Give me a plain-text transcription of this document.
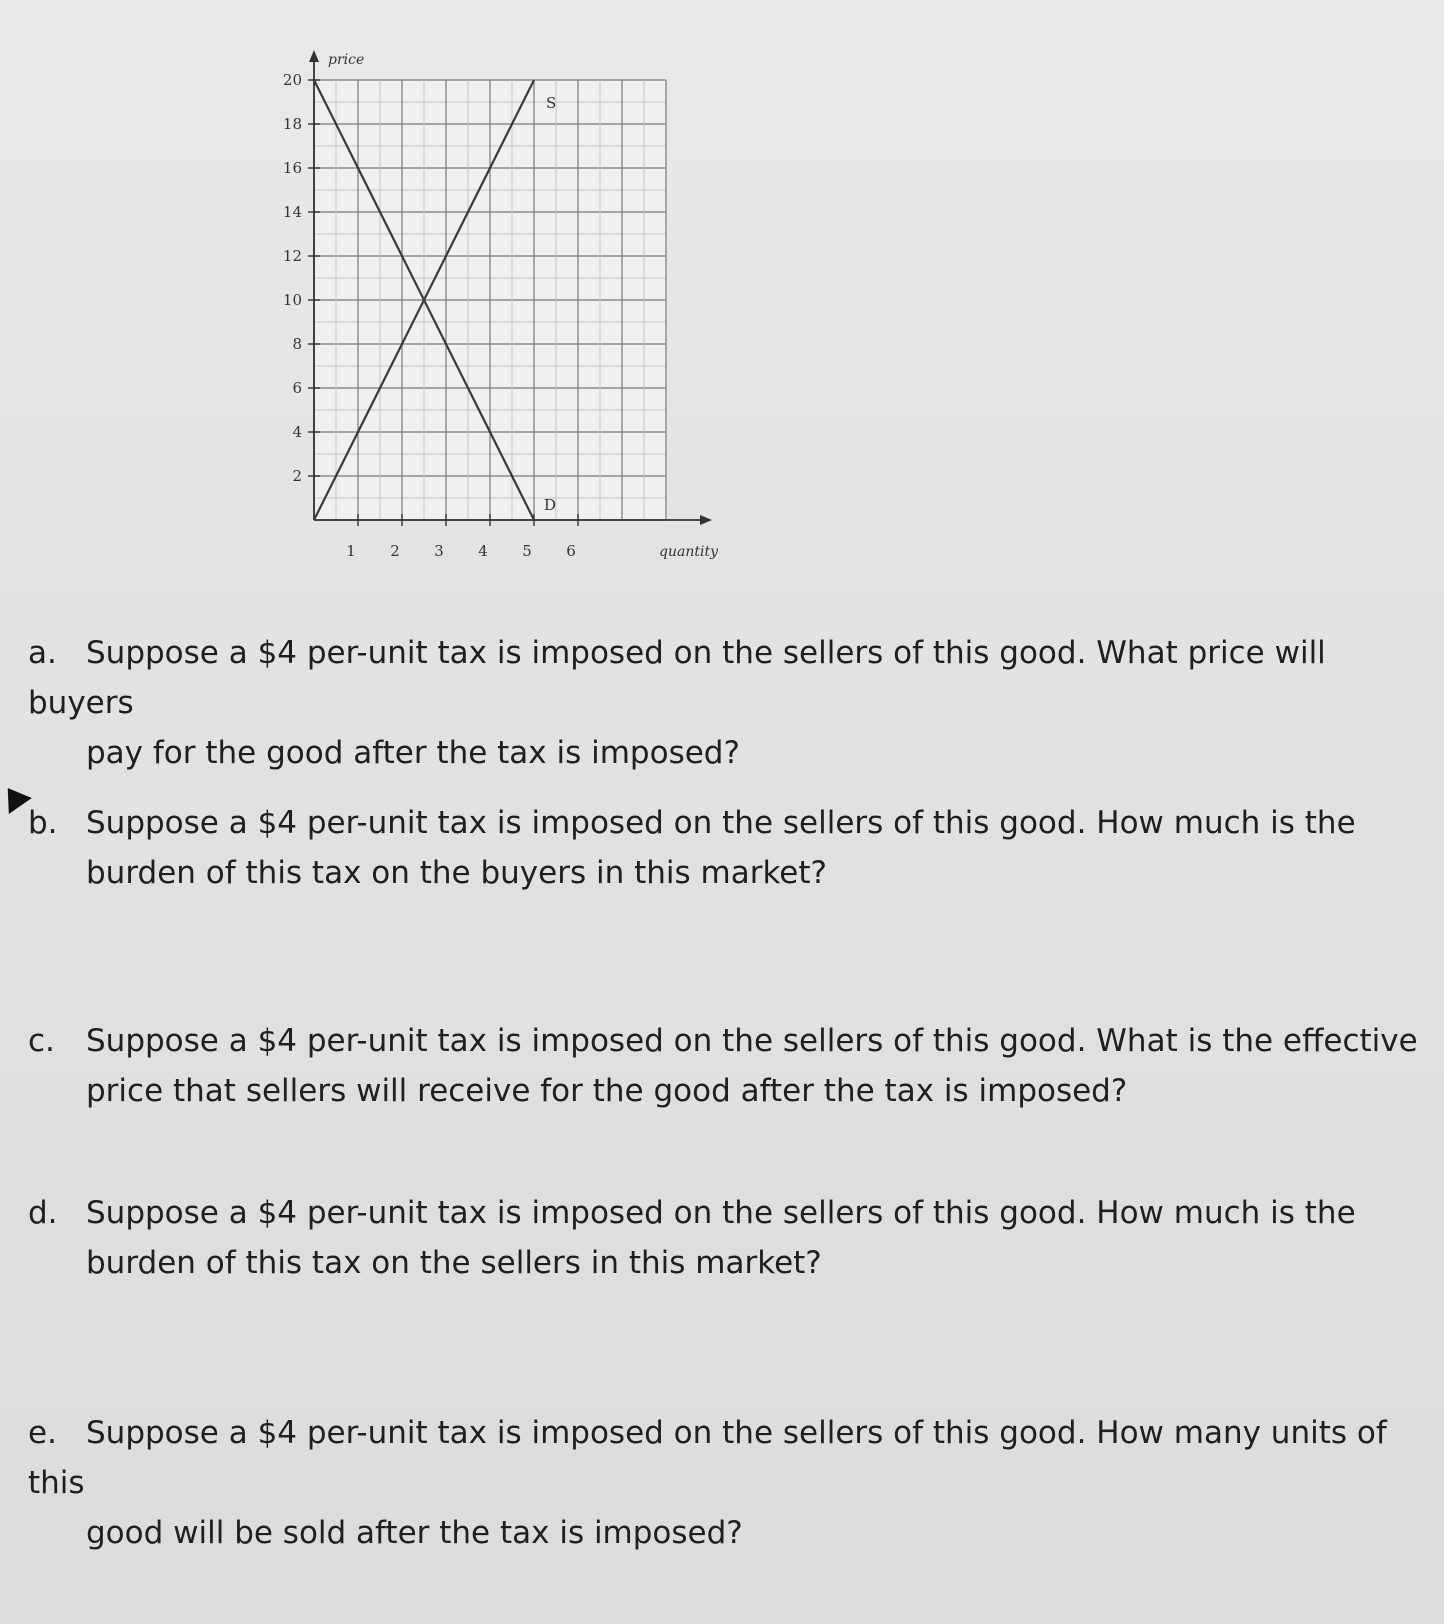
2
4
6
8
10
12
14
16
18
20
1 2 3 4 5 6	quantity
price
S
D
a. Suppose a $4 per-unit tax is imposed on the sellers of this good. What price will buyers
pay for the good after the tax is imposed?
b. Suppose a $4 per-unit tax is imposed on the sellers of this good. How much is the
burden of this tax on the buyers in this market?
c. Suppose a $4 per-unit tax is imposed on the sellers of this good. What is the effective
price that sellers will receive for the good after the tax is imposed?
d. Suppose a $4 per-unit tax is imposed on the sellers of this good. How much is the
burden of this tax on the sellers in this market?
e. Suppose a $4 per-unit tax is imposed on the sellers of this good. How many units of this
good will be sold after the tax is imposed?
